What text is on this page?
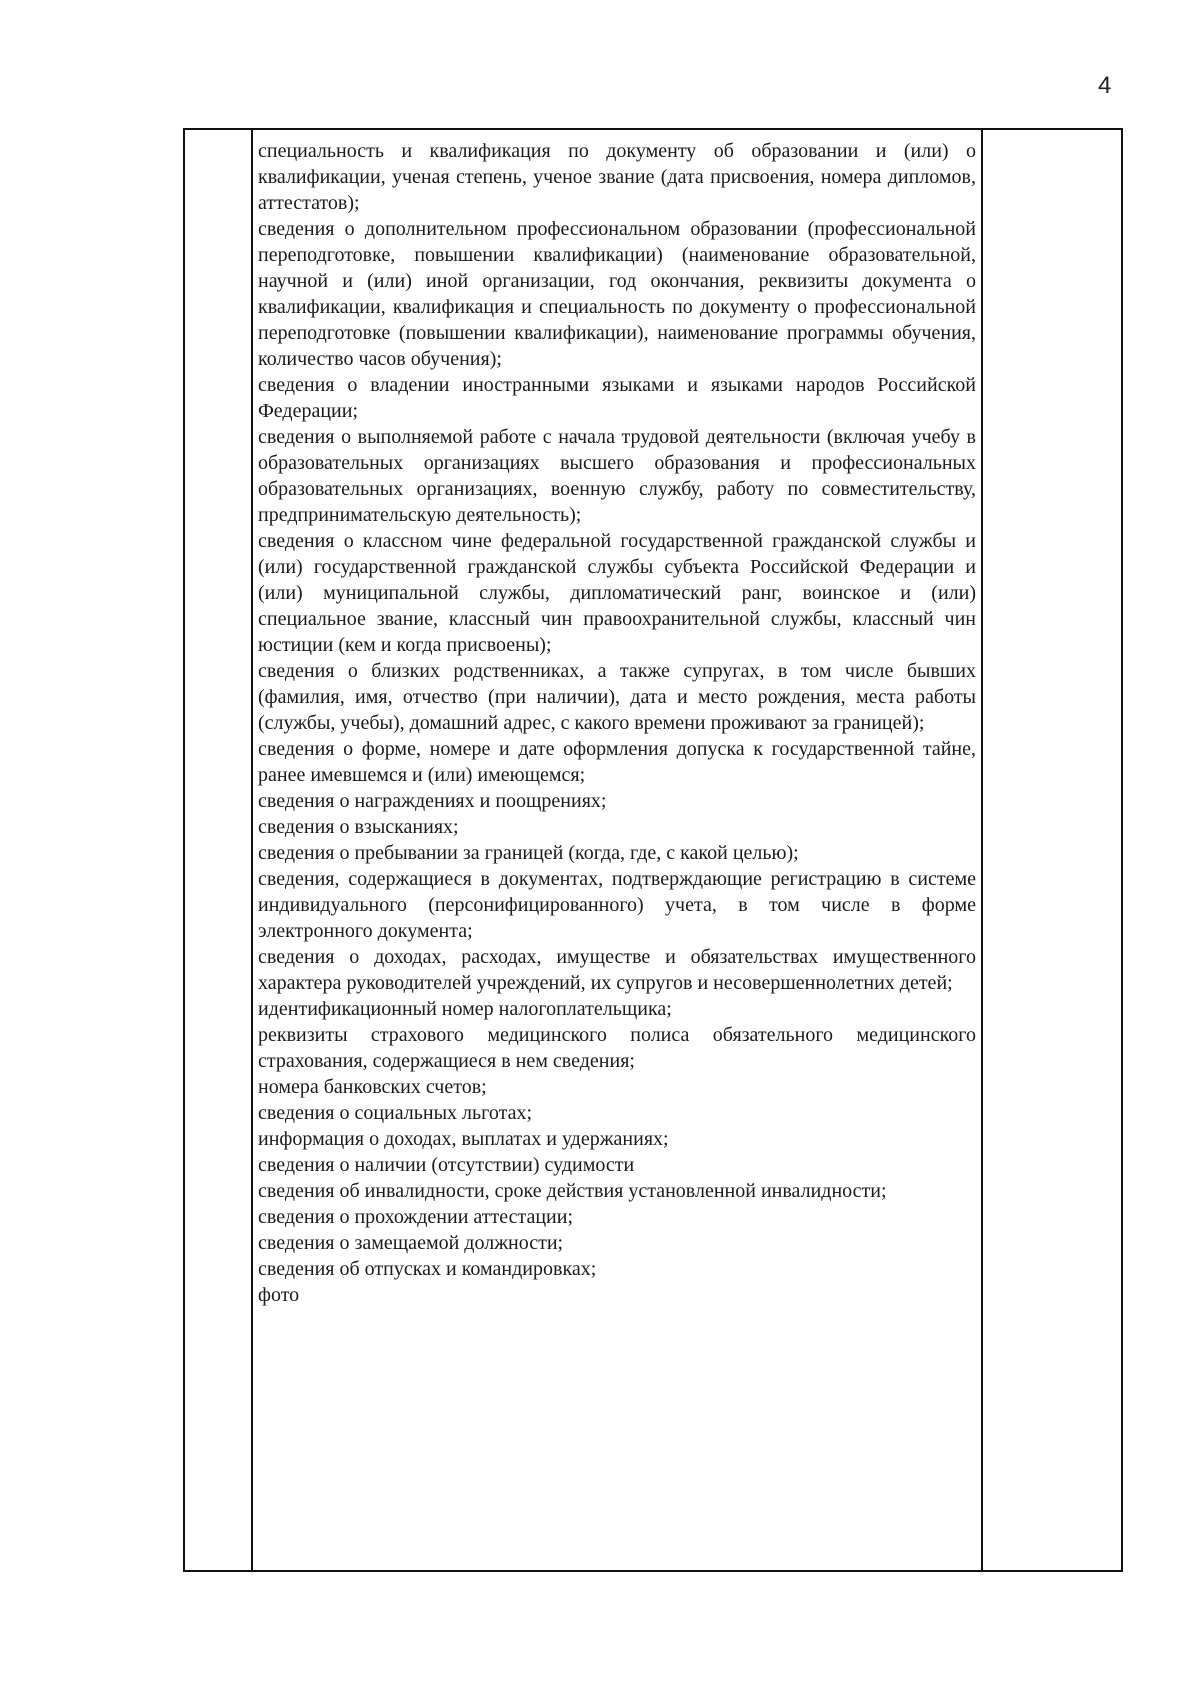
4

специальность и квалификация по документу об образовании и (или) о квалификации, ученая степень, ученое звание (дата присвоения, номера дипломов, аттестатов);

сведения о дополнительном профессиональном образовании (профессиональной переподготовке, повышении квалификации) (наименование образовательной, научной и (или) иной организации, год окончания, реквизиты документа о квалификации, квалификация и специальность по документу о профессиональной переподготовке (повышении квалификации), наименование программы обучения, количество часов обучения);

сведения о владении иностранными языками и языками народов Российской Федерации;

сведения о выполняемой работе с начала трудовой деятельности (включая учебу в образовательных организациях высшего образования и профессиональных образовательных организациях, военную службу, работу по совместительству, предпринимательскую деятельность);

сведения о классном чине федеральной государственной гражданской службы и (или) государственной гражданской службы субъекта Российской Федерации и (или) муниципальной службы, дипломатический ранг, воинское и (или) специальное звание, классный чин правоохранительной службы, классный чин юстиции (кем и когда присвоены);

сведения о близких родственниках, а также супругах, в том числе бывших (фамилия, имя, отчество (при наличии), дата и место рождения, места работы (службы, учебы), домашний адрес, с какого времени проживают за границей);

сведения о форме, номере и дате оформления допуска к государственной тайне, ранее имевшемся и (или) имеющемся;

сведения о награждениях и поощрениях;

сведения о взысканиях;

сведения о пребывании за границей (когда, где, с какой целью);

сведения, содержащиеся в документах, подтверждающие регистрацию в системе индивидуального (персонифицированного) учета, в том числе в форме электронного документа;

сведения о доходах, расходах, имуществе и обязательствах имущественного характера руководителей учреждений, их супругов и несовершеннолетних детей;

идентификационный номер налогоплательщика;

реквизиты страхового медицинского полиса обязательного медицинского страхования, содержащиеся в нем сведения;

номера банковских счетов;

сведения о социальных льготах;

информация о доходах, выплатах и удержаниях;

сведения о наличии (отсутствии) судимости

сведения об инвалидности, сроке действия установленной инвалидности;

сведения о прохождении аттестации;

сведения о замещаемой должности;

сведения об отпусках и командировках;

фото
